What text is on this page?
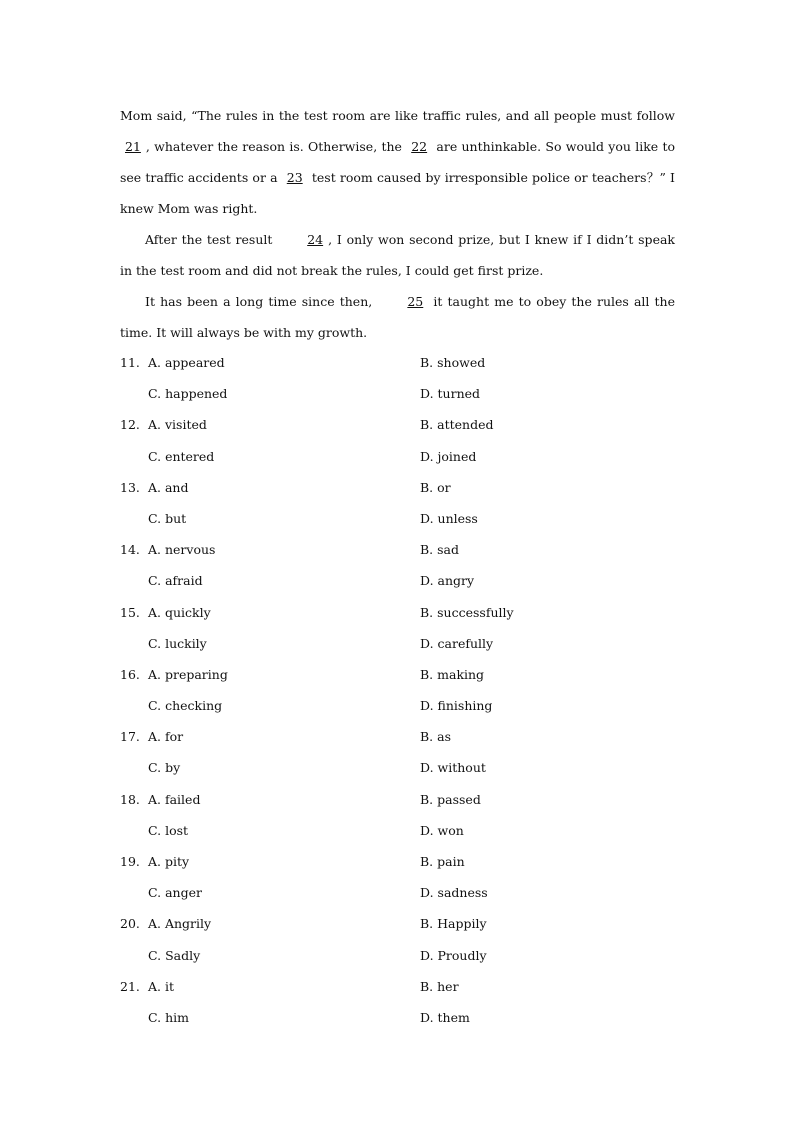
Mom said, “The rules in the test room are like traffic rules, and all people must follow 21 , whatever the reason is. Otherwise, the 22 are unthinkable. So would you like to see traffic accidents or a 23 test room caused by irresponsible police or teachers？” I knew Mom was right.

After the test result 24 , I only won second prize, but I knew if I didn’t speak in the test room and did not break the rules, I could get first prize.

It has been a long time since then, 25 it taught me to obey the rules all the time. It will always be with my growth.

11. A. appeared	B. showed
C. happened	D. turned
12. A. visited	B. attended
C. entered	D. joined
13. A. and	B. or
C. but	D. unless
14. A. nervous	B. sad
C. afraid	D. angry
15. A. quickly	B. successfully
C. luckily	D. carefully
16. A. preparing	B. making
C. checking	D. finishing
17. A. for	B. as
C. by	D. without
18. A. failed	B. passed
C. lost	D. won
19. A. pity	B. pain
C. anger	D. sadness
20. A. Angrily	B. Happily
C. Sadly	D. Proudly
21. A. it	B. her
C. him	D. them
